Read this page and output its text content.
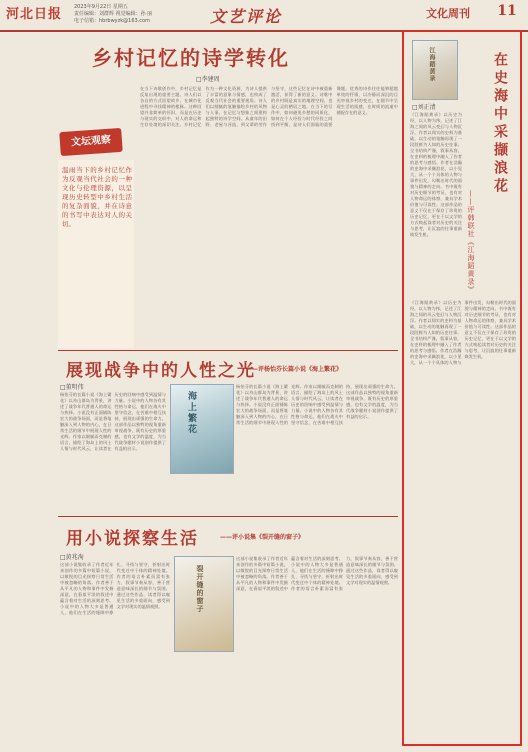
河北日报 2023年9月22日 星期五
责任编辑：刘群辉 视觉编辑：孙 丽
电子信箱：hbrbwyzk@163.com	文艺评论	文化周刊	11
乡村记忆的诗学转化
□李建周
文坛观察
温雨当下的乡村记忆作为反观当代社会的一种文化与伦理资源，以呈现历史转型中乡村生活的复杂面貌，并在诗意的书写中表达对人的关切。
在当下诗歌创作中，乡村记忆是反复出现的重要主题。诗人们以各自的方式回望故乡，在城市化进程中寻找精神的根脉。这种回望并非简单的怀旧，而是在历史与现实的交织中，对人的命运和生存处境的深切关注。乡村记忆作为一种文化资源，为诗人提供了丰富的意象与情感，也构成了反观当代社会的重要视角。诗人们以细腻的笔触描绘乡村的风物与人事，在记忆与想象之间建构起独特的诗学空间。从童年的田野、老屋与河流，到父辈的劳作与坚守，这些记忆在诗中被重新激活，获得了新的意义。诗歌中的乡村既是真实的地理空间，也是心灵的栖居之地。在当下的写作中，如何避免乡愁的同质化，如何在个人经验与时代经验之间找到平衡，是诗人们面临的重要课题。优秀的诗作往往能够超越单纯的抒情，以冷静而深沉的目光审视乡村的变迁，在细节中呈现生活的质感，在时间的流逝中捕捉存在的意义。
展现战争中的人性之光
——评杨怡芬长篇小说《海上繁花》
□董明伟
杨怡芬的长篇小说《海上繁花》以舟山群岛为背景，讲述了战争年代普通人的命运与抉择。小说没有正面铺陈宏大的战争场面，而是将笔触深入到人物的内心，在日常生活的细节中展现人性的光辉。作家以细腻而克制的语言，描绘了海岛上的风土人情与时代风云，让读者在历史的回响中感受到温情与力量。小说中的人物各有其性格与命运，他们在战火中坚守信念，在苦难中相互扶持，展现出顽强的生命力。这部作品以独特的视角重新审视战争，既有历史的厚重感，也有文学的温度，为当代战争题材小说创作提供了有益的启示。
海上繁花
杨怡芬的长篇小说《海上繁花》以舟山群岛为背景，讲述了战争年代普通人的命运与抉择。小说没有正面铺陈宏大的战争场面，而是将笔触深入到人物的内心，在日常生活的细节中展现人性的光辉。作家以细腻而克制的语言，描绘了海岛上的风土人情与时代风云，让读者在历史的回响中感受到温情与力量。小说中的人物各有其性格与命运，他们在战火中坚守信念，在苦难中相互扶持，展现出顽强的生命力。这部作品以独特的视角重新审视战争，既有历史的厚重感，也有文学的温度，为当代战争题材小说创作提供了有益的启示。
用小说探察生活	——评小说集《裂开缝的窗子》
□黄兆洵
这部小说集收录了作者近年来创作的多篇中短篇小说，以敏锐的目光探察日常生活中被忽略的角落。作者善于从平凡的人物和事件中发掘深意，在看似平淡的叙述中蕴含着对生活的深刻思考。小说中的人物大多是普通人，他们在生活的缝隙中挣扎、寻找与坚守，折射出时代变迁中个体的精神处境。作者的语言朴素而富有张力，叙事节奏从容，善于营造意味深长的细节与氛围。通过这些作品，读者得以窥见生活的多重面向，感受到文学对现实的温情观照。	裂开缝的窗子
这部小说集收录了作者近年来创作的多篇中短篇小说，以敏锐的目光探察日常生活中被忽略的角落。作者善于从平凡的人物和事件中发掘深意，在看似平淡的叙述中蕴含着对生活的深刻思考。小说中的人物大多是普通人，他们在生活的缝隙中挣扎、寻找与坚守，折射出时代变迁中个体的精神处境。作者的语言朴素而富有张力，叙事节奏从容，善于营造意味深长的细节与氛围。通过这些作品，读者得以窥见生活的多重面向，感受到文学对现实的温情观照。
江海蹈黄录	在史海中采撷浪花
——评韩联社《江海蹈黄录》
□刘正清
《江海蹈黄录》以历史为经，以人物为纬，记述了江海之间的风云变幻与人物沉浮。作者以翔实的史料为基础，以生动的笔触再现了一段段鲜为人知的历史往事。全书结构严谨，叙事从容，在史料的梳理中融入了作者的思考与感悟。作者在浩瀚的史海中采撷浪花，以小见大，从一个个具体的人物与事件出发，勾勒出时代的面貌与精神的走向。书中既有对历史细节的考证，也有对人物命运的体察，兼具学术价值与可读性。这部作品的意义不仅在于保存了珍贵的历史记忆，更在于以文学的方式唤起读者对历史的关注与思考，让沉寂的往事重新焕发生机。
《江海蹈黄录》以历史为经，以人物为纬，记述了江海之间的风云变幻与人物沉浮。作者以翔实的史料为基础，以生动的笔触再现了一段段鲜为人知的历史往事。全书结构严谨，叙事从容，在史料的梳理中融入了作者的思考与感悟。作者在浩瀚的史海中采撷浪花，以小见大，从一个个具体的人物与事件出发，勾勒出时代的面貌与精神的走向。书中既有对历史细节的考证，也有对人物命运的体察，兼具学术价值与可读性。这部作品的意义不仅在于保存了珍贵的历史记忆，更在于以文学的方式唤起读者对历史的关注与思考，让沉寂的往事重新焕发生机。
